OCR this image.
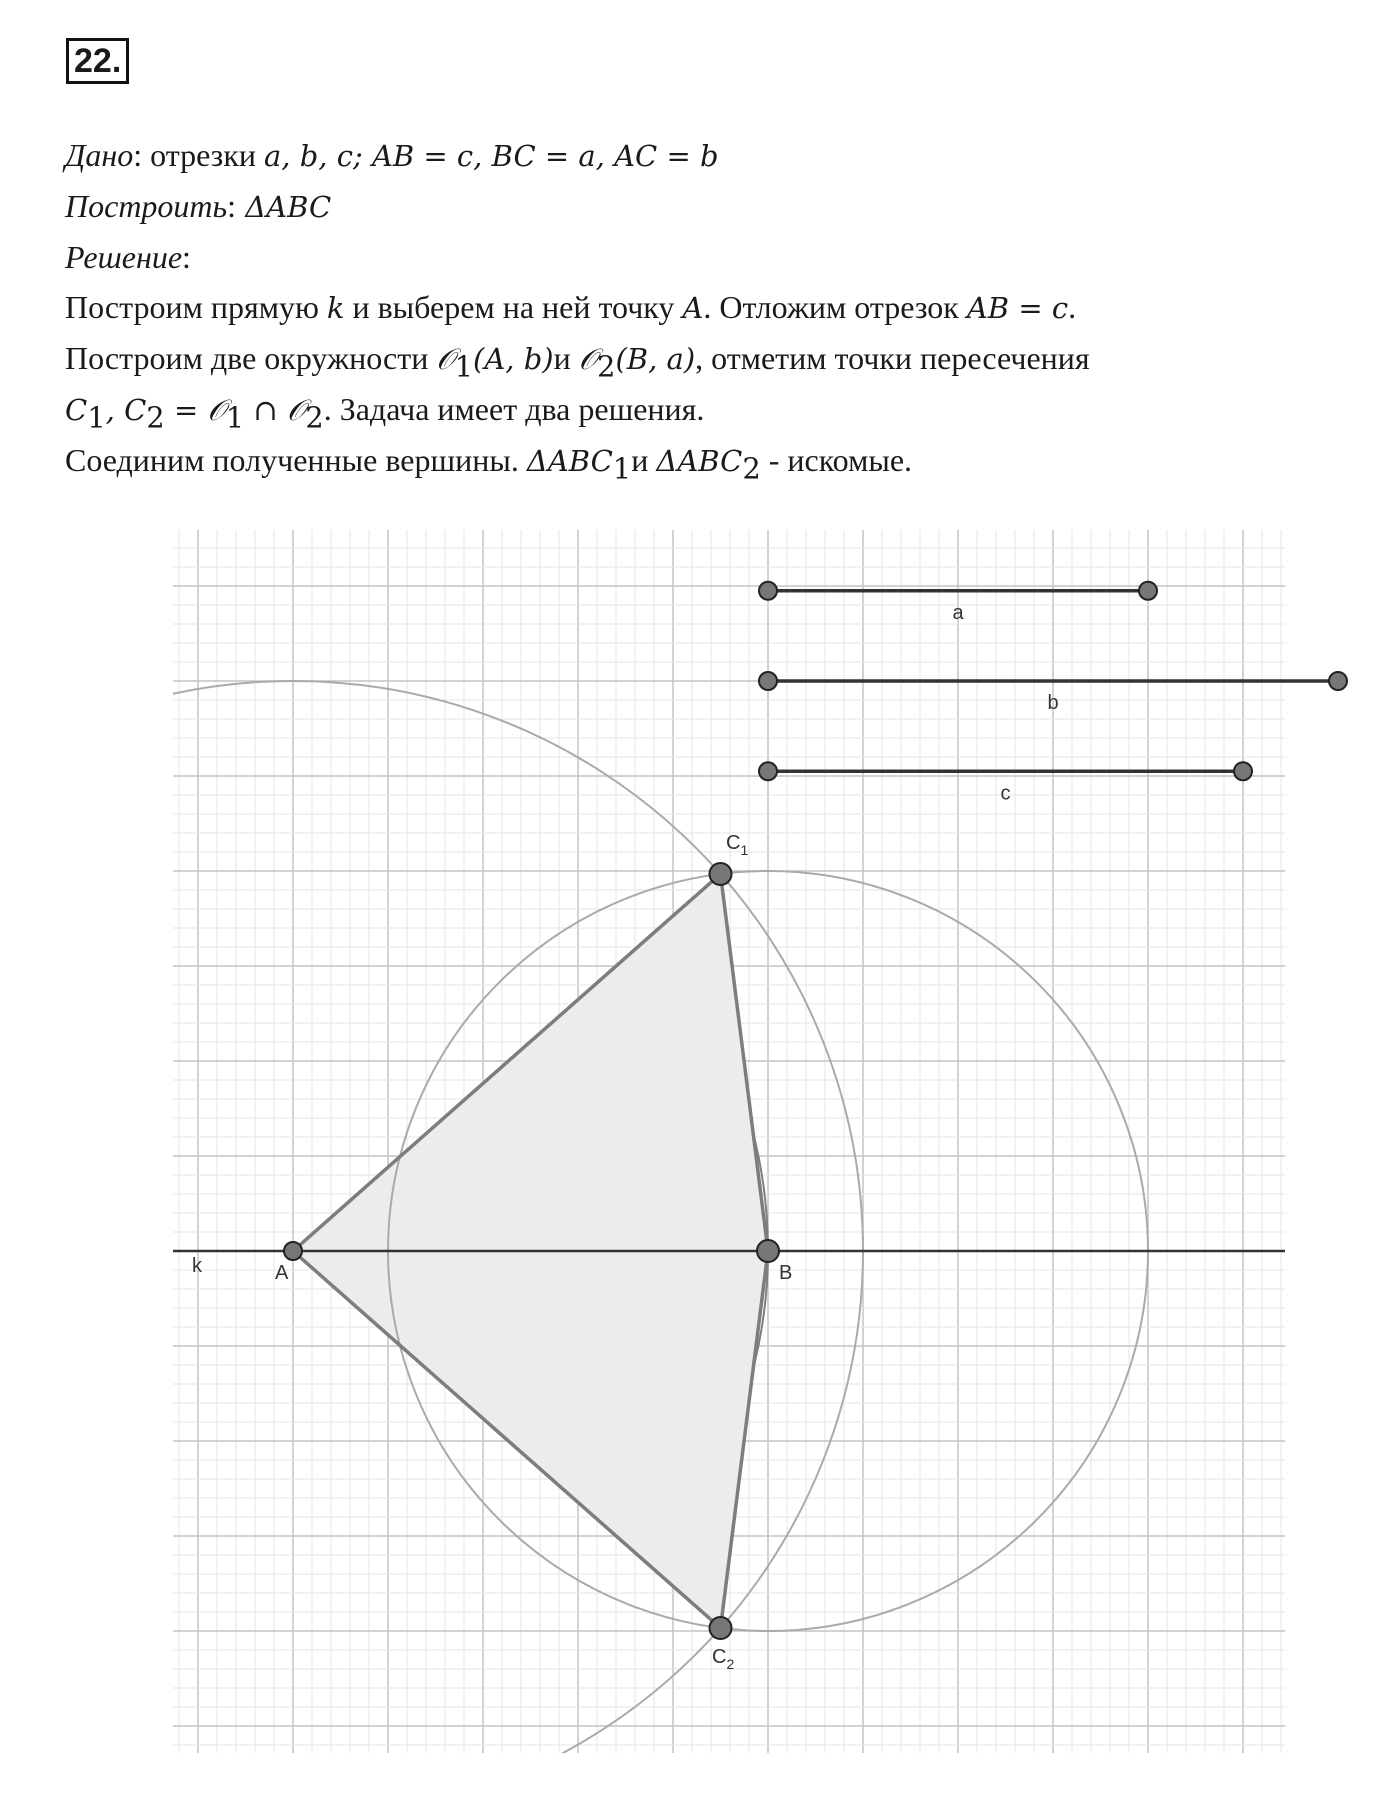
22.
Дано: отрезки a, b, c; AB = c, BC = a, AC = b
Построить: ΔABC
Решение:
Построим прямую k и выберем на ней точку A. Отложим отрезок AB = c.
Построим две окружности 𝒪$_1$(A, b)и 𝒪$_2$(B, a), отметим точки пересечения
$C_1$, $C_2$ = 𝒪$_1$ ∩ 𝒪$_2$. Задача имеет два решения.
Соединим полученные вершины. $\Delta ABC_1и$ $\Delta ABC_2$ - искомые.
a
b
c
k	A	B
$C_1$
$C_2$
